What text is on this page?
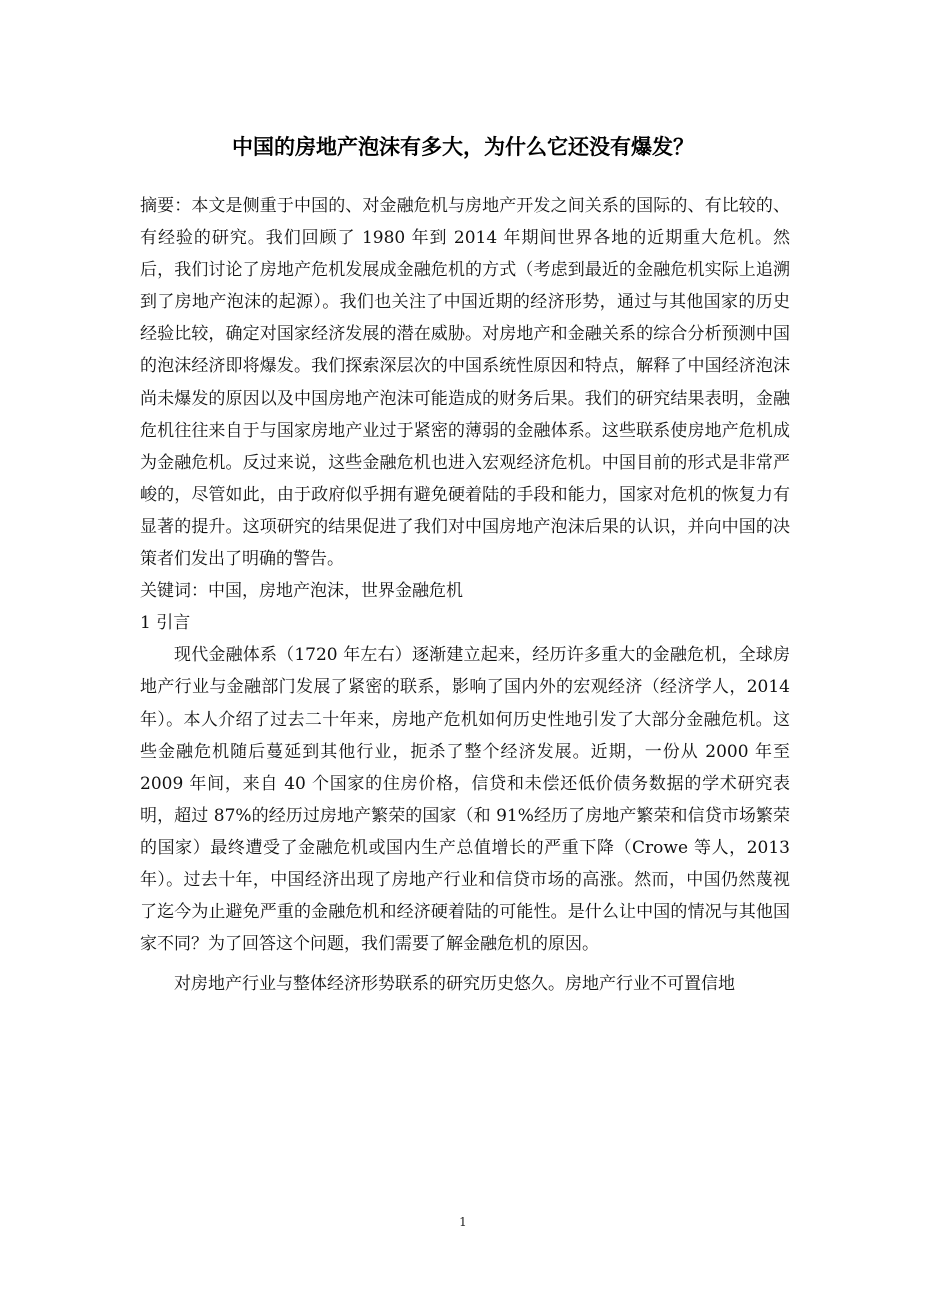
中国的房地产泡沫有多大，为什么它还没有爆发？

摘要：本文是侧重于中国的、对金融危机与房地产开发之间关系的国际的、有比较的、有经验的研究。我们回顾了 1980 年到 2014 年期间世界各地的近期重大危机。然后，我们讨论了房地产危机发展成金融危机的方式（考虑到最近的金融危机实际上追溯到了房地产泡沫的起源）。我们也关注了中国近期的经济形势，通过与其他国家的历史经验比较，确定对国家经济发展的潜在威胁。对房地产和金融关系的综合分析预测中国的泡沫经济即将爆发。我们探索深层次的中国系统性原因和特点，解释了中国经济泡沫尚未爆发的原因以及中国房地产泡沫可能造成的财务后果。我们的研究结果表明，金融危机往往来自于与国家房地产业过于紧密的薄弱的金融体系。这些联系使房地产危机成为金融危机。反过来说，这些金融危机也进入宏观经济危机。中国目前的形式是非常严峻的，尽管如此，由于政府似乎拥有避免硬着陆的手段和能力，国家对危机的恢复力有显著的提升。这项研究的结果促进了我们对中国房地产泡沫后果的认识，并向中国的决策者们发出了明确的警告。

关键词：中国，房地产泡沫，世界金融危机

1 引言

现代金融体系（1720 年左右）逐渐建立起来，经历许多重大的金融危机，全球房地产行业与金融部门发展了紧密的联系，影响了国内外的宏观经济（经济学人，2014 年）。本人介绍了过去二十年来，房地产危机如何历史性地引发了大部分金融危机。这些金融危机随后蔓延到其他行业，扼杀了整个经济发展。近期，一份从 2000 年至 2009 年间，来自 40 个国家的住房价格，信贷和未偿还低价债务数据的学术研究表明，超过 87%的经历过房地产繁荣的国家（和 91%经历了房地产繁荣和信贷市场繁荣的国家）最终遭受了金融危机或国内生产总值增长的严重下降（Crowe 等人，2013 年）。过去十年，中国经济出现了房地产行业和信贷市场的高涨。然而，中国仍然蔑视了迄今为止避免严重的金融危机和经济硬着陆的可能性。是什么让中国的情况与其他国家不同？为了回答这个问题，我们需要了解金融危机的原因。

对房地产行业与整体经济形势联系的研究历史悠久。房地产行业不可置信地

1
